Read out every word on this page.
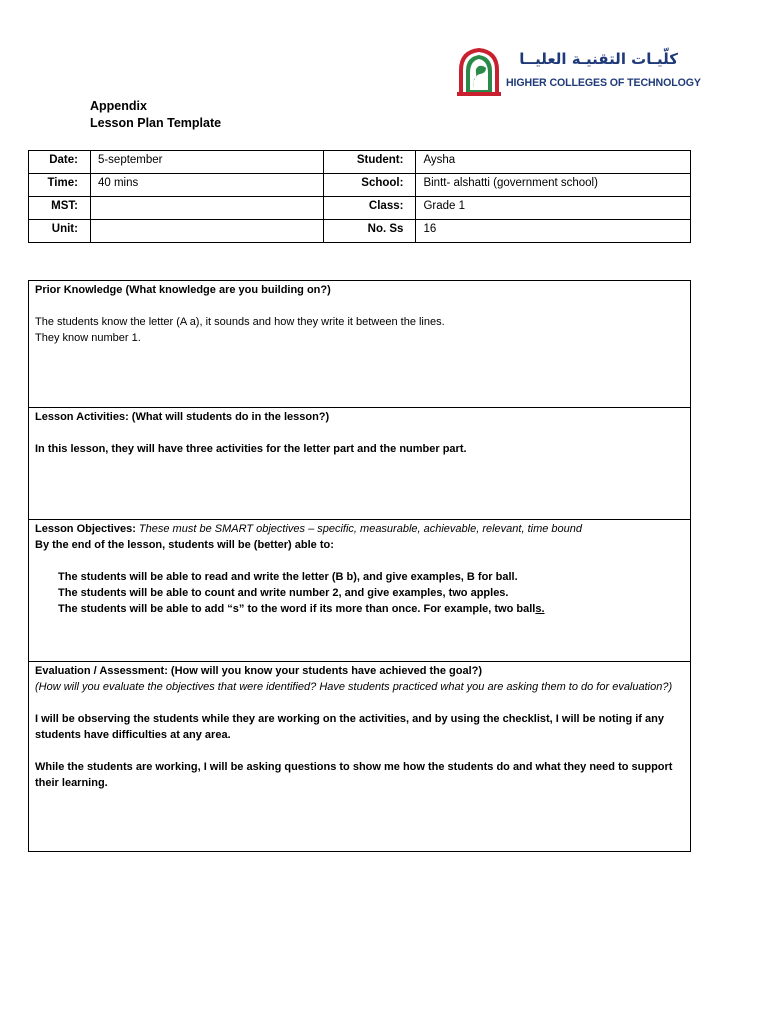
كلّيـات التقنيـة العليــا
HIGHER COLLEGES OF TECHNOLOGY
Appendix
Lesson Plan Template
Date:	5-september	Student:	Aysha
Time:	40 mins	School:	Bintt- alshatti (government school)
MST:		Class:	Grade 1
Unit:		No. Ss	16
Prior Knowledge (What knowledge are you building on?)
The students know the letter (A a), it sounds and how they write it between the lines.
They know number 1.
Lesson Activities: (What will students do in the lesson?)
In this lesson, they will have three activities for the letter part and the number part.
Lesson Objectives: These must be SMART objectives – specific, measurable, achievable, relevant, time bound
By the end of the lesson, students will be (better) able to:
The students will be able to read and write the letter (B b), and give examples, B for ball.
The students will be able to count and write number 2, and give examples, two apples.
The students will be able to add “s” to the word if its more than once. For example, two balls.
Evaluation / Assessment: (How will you know your students have achieved the goal?)
(How will you evaluate the objectives that were identified? Have students practiced what you are asking them to do for evaluation?)
I will be observing the students while they are working on the activities, and by using the checklist, I will be noting if any students have difficulties at any area.
While the students are working, I will be asking questions to show me how the students do and what they need to support their learning.
